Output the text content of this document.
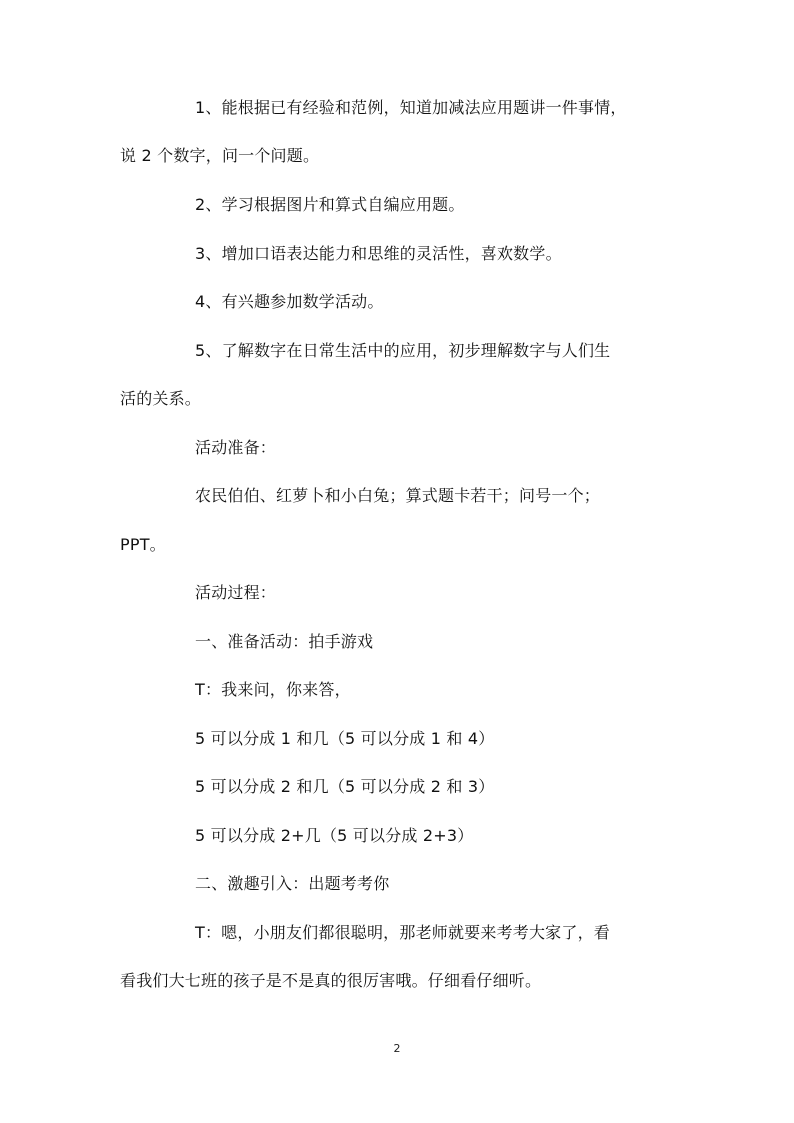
1、能根据已有经验和范例，知道加减法应用题讲一件事情，
说 2 个数字，问一个问题。
2、学习根据图片和算式自编应用题。
3、增加口语表达能力和思维的灵活性，喜欢数学。
4、有兴趣参加数学活动。
5、了解数字在日常生活中的应用，初步理解数字与人们生
活的关系。
活动准备：
农民伯伯、红萝卜和小白兔；算式题卡若干；问号一个；
PPT。
活动过程：
一、准备活动：拍手游戏
T：我来问，你来答，
5 可以分成 1 和几（5 可以分成 1 和 4）
5 可以分成 2 和几（5 可以分成 2 和 3）
5 可以分成 2+几（5 可以分成 2+3）
二、激趣引入：出题考考你
T：嗯，小朋友们都很聪明，那老师就要来考考大家了，看
看我们大七班的孩子是不是真的很厉害哦。仔细看仔细听。
2
